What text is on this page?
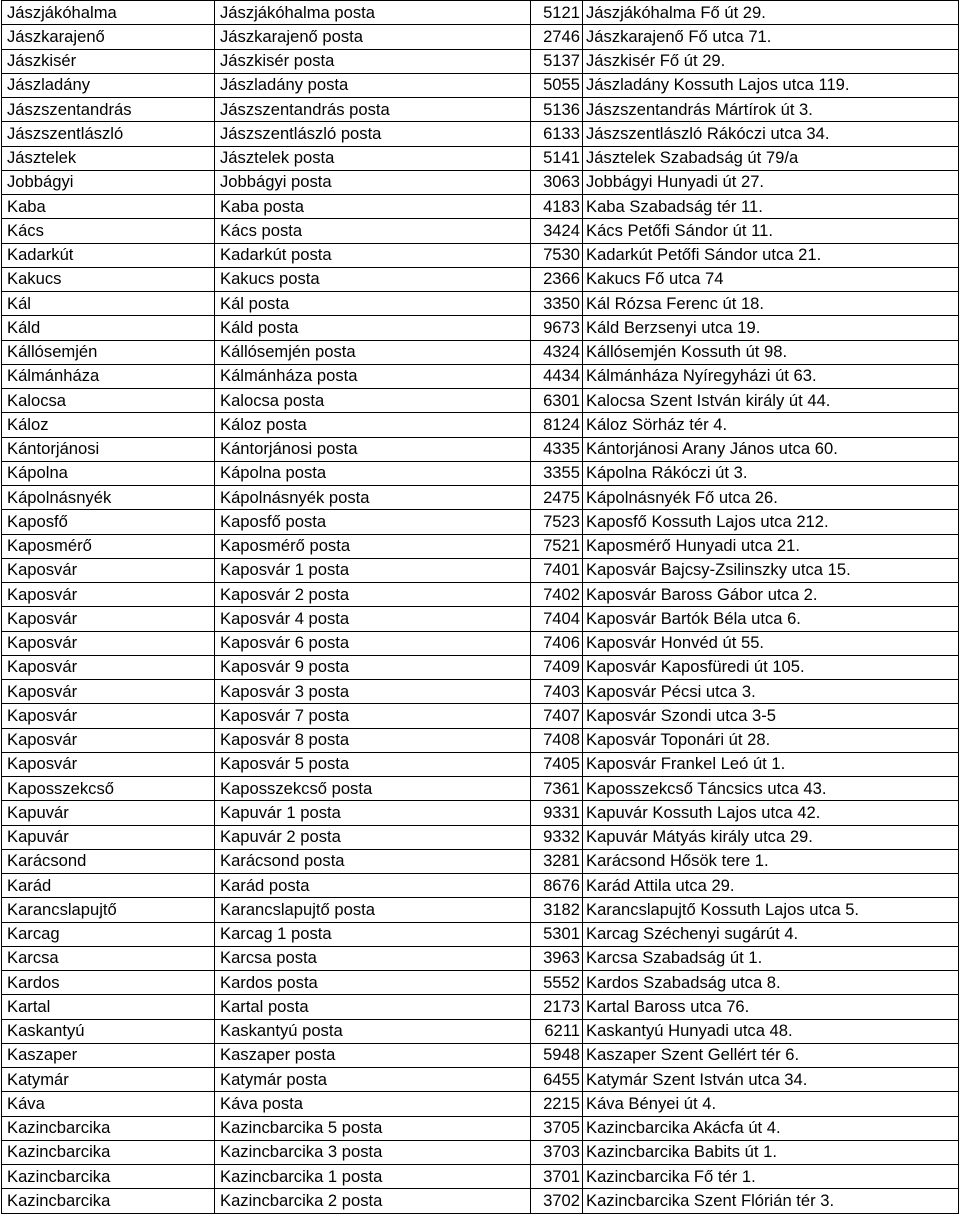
Jászjákóhalma	Jászjákóhalma posta	5121	Jászjákóhalma Fő út 29.
Jászkarajenő	Jászkarajenő posta	2746	Jászkarajenő Fő utca 71.
Jászkisér	Jászkisér posta	5137	Jászkisér Fő út 29.
Jászladány	Jászladány posta	5055	Jászladány Kossuth Lajos utca 119.
Jászszentandrás	Jászszentandrás posta	5136	Jászszentandrás Mártírok út 3.
Jászszentlászló	Jászszentlászló posta	6133	Jászszentlászló Rákóczi utca 34.
Jásztelek	Jásztelek posta	5141	Jásztelek Szabadság út 79/a
Jobbágyi	Jobbágyi posta	3063	Jobbágyi Hunyadi út 27.
Kaba	Kaba posta	4183	Kaba Szabadság tér 11.
Kács	Kács posta	3424	Kács Petőfi Sándor út 11.
Kadarkút	Kadarkút posta	7530	Kadarkút Petőfi Sándor utca 21.
Kakucs	Kakucs posta	2366	Kakucs Fő utca 74
Kál	Kál posta	3350	Kál Rózsa Ferenc út 18.
Káld	Káld posta	9673	Káld Berzsenyi utca 19.
Kállósemjén	Kállósemjén posta	4324	Kállósemjén Kossuth út 98.
Kálmánháza	Kálmánháza posta	4434	Kálmánháza Nyíregyházi út 63.
Kalocsa	Kalocsa posta	6301	Kalocsa Szent István király út 44.
Káloz	Káloz posta	8124	Káloz Sörház tér 4.
Kántorjánosi	Kántorjánosi posta	4335	Kántorjánosi Arany János utca 60.
Kápolna	Kápolna posta	3355	Kápolna Rákóczi út 3.
Kápolnásnyék	Kápolnásnyék posta	2475	Kápolnásnyék Fő utca 26.
Kaposfő	Kaposfő posta	7523	Kaposfő Kossuth Lajos utca 212.
Kaposmérő	Kaposmérő posta	7521	Kaposmérő Hunyadi utca 21.
Kaposvár	Kaposvár 1 posta	7401	Kaposvár Bajcsy-Zsilinszky utca 15.
Kaposvár	Kaposvár 2 posta	7402	Kaposvár Baross Gábor utca 2.
Kaposvár	Kaposvár 4 posta	7404	Kaposvár Bartók Béla utca 6.
Kaposvár	Kaposvár 6 posta	7406	Kaposvár Honvéd út 55.
Kaposvár	Kaposvár 9 posta	7409	Kaposvár Kaposfüredi út 105.
Kaposvár	Kaposvár 3 posta	7403	Kaposvár Pécsi utca 3.
Kaposvár	Kaposvár 7 posta	7407	Kaposvár Szondi utca 3-5
Kaposvár	Kaposvár 8 posta	7408	Kaposvár Toponári út 28.
Kaposvár	Kaposvár 5 posta	7405	Kaposvár Frankel Leó út 1.
Kaposszekcső	Kaposszekcső posta	7361	Kaposszekcső Táncsics utca 43.
Kapuvár	Kapuvár 1 posta	9331	Kapuvár Kossuth Lajos utca 42.
Kapuvár	Kapuvár 2 posta	9332	Kapuvár Mátyás király utca 29.
Karácsond	Karácsond posta	3281	Karácsond Hősök tere 1.
Karád	Karád posta	8676	Karád Attila utca 29.
Karancslapujtő	Karancslapujtő posta	3182	Karancslapujtő Kossuth Lajos utca 5.
Karcag	Karcag 1 posta	5301	Karcag Széchenyi sugárút 4.
Karcsa	Karcsa posta	3963	Karcsa Szabadság út 1.
Kardos	Kardos posta	5552	Kardos Szabadság utca 8.
Kartal	Kartal posta	2173	Kartal Baross utca 76.
Kaskantyú	Kaskantyú posta	6211	Kaskantyú Hunyadi utca 48.
Kaszaper	Kaszaper posta	5948	Kaszaper Szent Gellért tér 6.
Katymár	Katymár posta	6455	Katymár Szent István utca 34.
Káva	Káva posta	2215	Káva Bényei út 4.
Kazincbarcika	Kazincbarcika 5 posta	3705	Kazincbarcika Akácfa út 4.
Kazincbarcika	Kazincbarcika 3 posta	3703	Kazincbarcika Babits út 1.
Kazincbarcika	Kazincbarcika 1 posta	3701	Kazincbarcika Fő tér 1.
Kazincbarcika	Kazincbarcika 2 posta	3702	Kazincbarcika Szent Flórián tér 3.
